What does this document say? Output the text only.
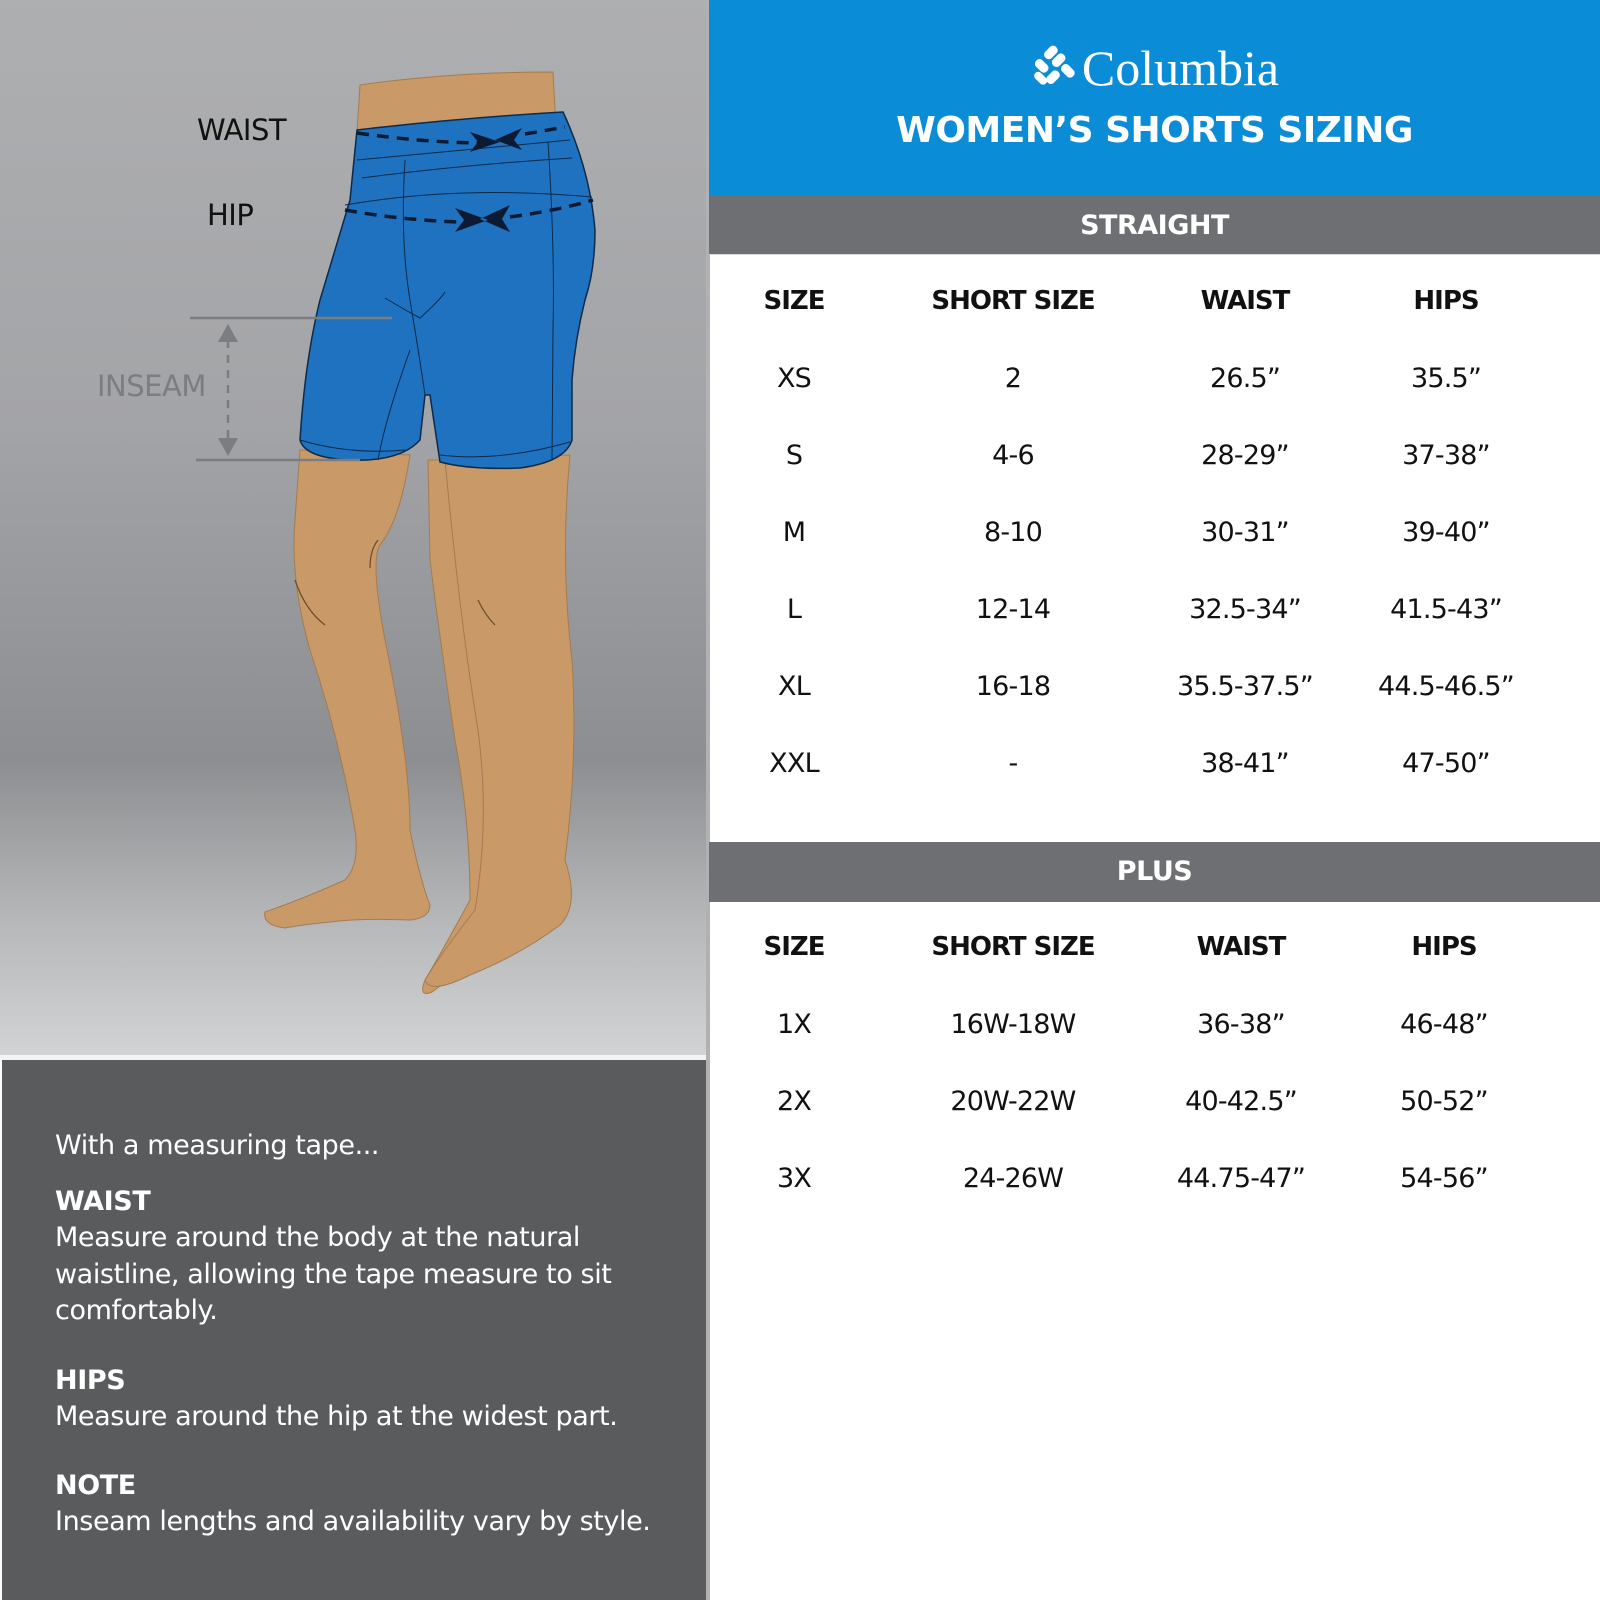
WAIST
HIP
INSEAM
With a measuring tape...
WAIST

Measure around the body at the natural waistline, allowing the tape measure to sit comfortably.

HIPS

Measure around the hip at the widest part.

NOTE

Inseam lengths and availability vary by style.

Columbia
WOMEN’S SHORTS SIZING
STRAIGHT
SIZE	SHORT SIZE	WAIST	HIPS
XS	2	26.5”	35.5”
S	4-6	28-29”	37-38”
M	8-10	30-31”	39-40”
L	12-14	32.5-34”	41.5-43”
XL	16-18	35.5-37.5” 44.5-46.5”
XXL	-	38-41”	47-50”
PLUS
SIZE	SHORT SIZE	WAIST	HIPS
1X	16W-18W	36-38”	46-48”
2X	20W-22W	40-42.5”	50-52”
3X	24-26W	44.75-47”	54-56”
